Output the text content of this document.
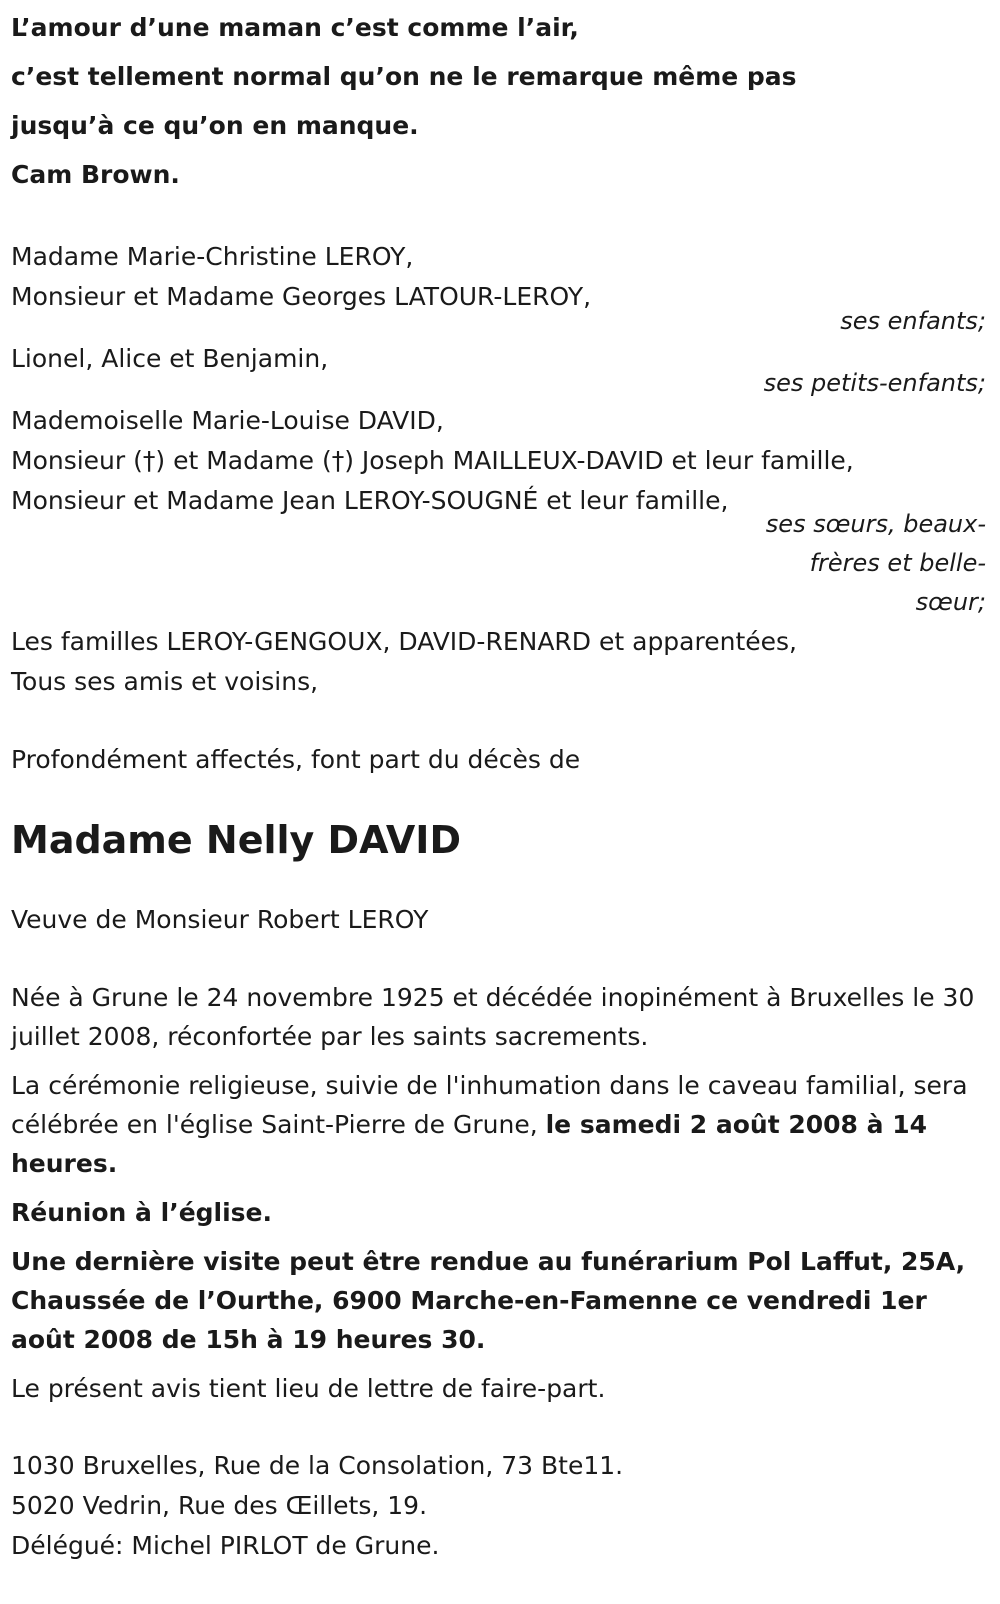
L’amour d’une maman c’est comme l’air,
c’est tellement normal qu’on ne le remarque même pas
jusqu’à ce qu’on en manque.
Cam Brown.
Madame Marie-Christine LEROY,
Monsieur et Madame Georges LATOUR-LEROY,
ses enfants;
Lionel, Alice et Benjamin,
ses petits-enfants;
Mademoiselle Marie-Louise DAVID,
Monsieur (†) et Madame (†) Joseph MAILLEUX-DAVID et leur famille,
Monsieur et Madame Jean LEROY-SOUGNÉ et leur famille,
ses sœurs, beaux-frères et belle-sœur;
Les familles LEROY-GENGOUX, DAVID-RENARD et apparentées,
Tous ses amis et voisins,
Profondément affectés, font part du décès de
Madame Nelly DAVID
Veuve de Monsieur Robert LEROY
Née à Grune le 24 novembre 1925 et décédée inopinément à Bruxelles le 30 juillet 2008, réconfortée par les saints sacrements.
La cérémonie religieuse, suivie de l'inhumation dans le caveau familial, sera célébrée en l'église Saint-Pierre de Grune, le samedi 2 août 2008 à 14 heures.
Réunion à l’église.
Une dernière visite peut être rendue au funérarium Pol Laffut, 25A, Chaussée de l’Ourthe, 6900 Marche-en-Famenne ce vendredi 1er août 2008 de 15h à 19 heures 30.
Le présent avis tient lieu de lettre de faire-part.
1030 Bruxelles, Rue de la Consolation, 73 Bte11.
5020 Vedrin, Rue des Œillets, 19.
Délégué: Michel PIRLOT de Grune.
